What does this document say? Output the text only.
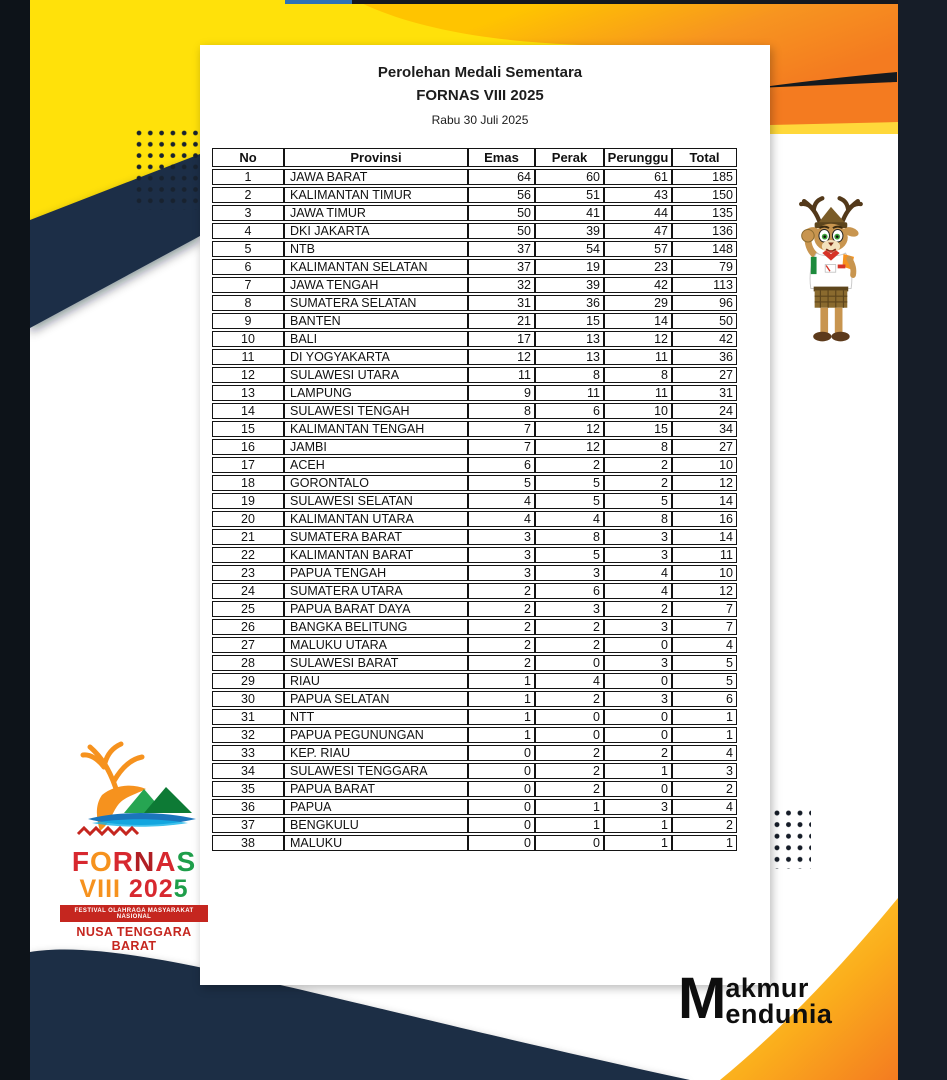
Perolehan Medali Sementara
FORNAS VIII 2025
Rabu 30 Juli 2025
No	Provinsi	Emas	Perak	Perunggu	Total
1	JAWA BARAT	64	60	61	185
2	KALIMANTAN TIMUR	56	51	43	150
3	JAWA TIMUR	50	41	44	135
4	DKI JAKARTA	50	39	47	136
5	NTB	37	54	57	148
6	KALIMANTAN SELATAN	37	19	23	79
7	JAWA TENGAH	32	39	42	113
8	SUMATERA SELATAN	31	36	29	96
9	BANTEN	21	15	14	50
10	BALI	17	13	12	42
11	DI YOGYAKARTA	12	13	11	36
12	SULAWESI UTARA	11	8	8	27
13	LAMPUNG	9	11	11	31
14	SULAWESI TENGAH	8	6	10	24
15	KALIMANTAN TENGAH	7	12	15	34
16	JAMBI	7	12	8	27
17	ACEH	6	2	2	10
18	GORONTALO	5	5	2	12
19	SULAWESI SELATAN	4	5	5	14
20	KALIMANTAN UTARA	4	4	8	16
21	SUMATERA BARAT	3	8	3	14
22	KALIMANTAN BARAT	3	5	3	11
23	PAPUA TENGAH	3	3	4	10
24	SUMATERA UTARA	2	6	4	12
25	PAPUA BARAT DAYA	2	3	2	7
26	BANGKA BELITUNG	2	2	3	7
27	MALUKU UTARA	2	2	0	4
28	SULAWESI BARAT	2	0	3	5
29	RIAU	1	4	0	5
30	PAPUA SELATAN	1	2	3	6
31	NTT	1	0	0	1
32	PAPUA PEGUNUNGAN	1	0	0	1
33	KEP. RIAU	0	2	2	4
34	SULAWESI TENGGARA	0	2	1	3
35	PAPUA BARAT	0	2	0	2
36	PAPUA	0	1	3	4
37	BENGKULU	0	1	1	2
38	MALUKU	0	0	1	1
FORNAS
VIII 2025
FESTIVAL OLAHRAGA MASYARAKAT NASIONAL
NUSA TENGGARA BARAT
M akmur
endunia
